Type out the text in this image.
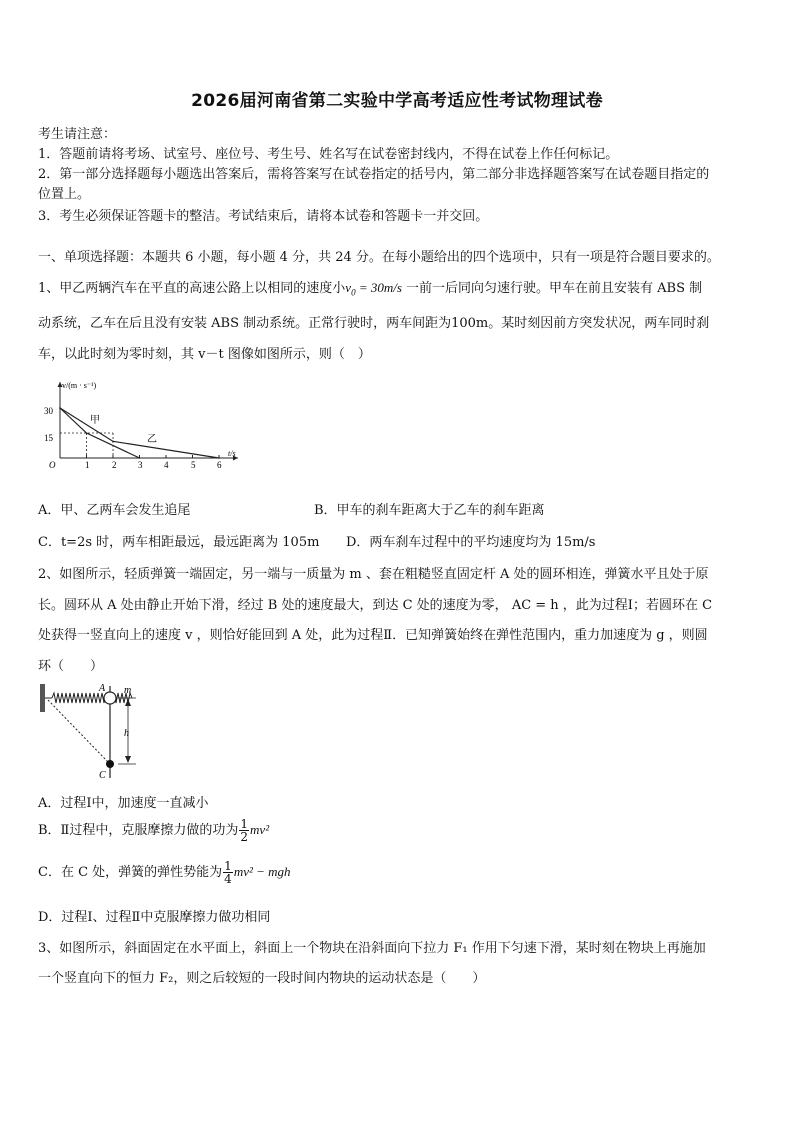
2026届河南省第二实验中学高考适应性考试物理试卷
考生请注意：
1．答题前请将考场、试室号、座位号、考生号、姓名写在试卷密封线内，不得在试卷上作任何标记。
2．第一部分选择题每小题选出答案后，需将答案写在试卷指定的括号内，第二部分非选择题答案写在试卷题目指定的
位置上。
3．考生必须保证答题卡的整洁。考试结束后，请将本试卷和答题卡一并交回。
一、单项选择题：本题共 6 小题，每小题 4 分，共 24 分。在每小题给出的四个选项中，只有一项是符合题目要求的。
1、甲乙两辆汽车在平直的高速公路上以相同的速度小$v_0 = 30m/s$ 一前一后同向匀速行驶。甲车在前且安装有 ABS 制
动系统，乙车在后且没有安装 ABS 制动系统。正常行驶时，两车间距为100m。某时刻因前方突发状况，两车同时刹
车，以此时刻为零时刻，其 v－t 图像如图所示，则（　）
v/(m · s⁻¹)
t/s
O
30
15
1	2 3 4	5 6
甲
乙
A．甲、乙两车会发生追尾	B．甲车的刹车距离大于乙车的刹车距离
C．t=2s 时，两车相距最远，最远距离为 105m D．两车刹车过程中的平均速度均为 15m/s
2、如图所示，轻质弹簧一端固定，另一端与一质量为 m 、套在粗糙竖直固定杆 A 处的圆环相连，弹簧水平且处于原
长。圆环从 A 处由静止开始下滑，经过 B 处的速度最大，到达 C 处的速度为零， AC = h ，此为过程Ⅰ；若圆环在 C
处获得一竖直向上的速度 v ，则恰好能回到 A 处，此为过程Ⅱ．已知弹簧始终在弹性范围内，重力加速度为 g ，则圆
环（　　）
A
C
m
h
A．过程Ⅰ中，加速度一直减小
B．Ⅱ过程中，克服摩擦力做的功为 $\frac{1}{2} mv^2$
C．在 C 处，弹簧的弹性势能为 $\frac{1}{4} mv^2$ − mgh
D．过程Ⅰ、过程Ⅱ中克服摩擦力做功相同
3、如图所示，斜面固定在水平面上，斜面上一个物块在沿斜面向下拉力 F₁ 作用下匀速下滑，某时刻在物块上再施加
一个竖直向下的恒力 F₂，则之后较短的一段时间内物块的运动状态是（　　）
